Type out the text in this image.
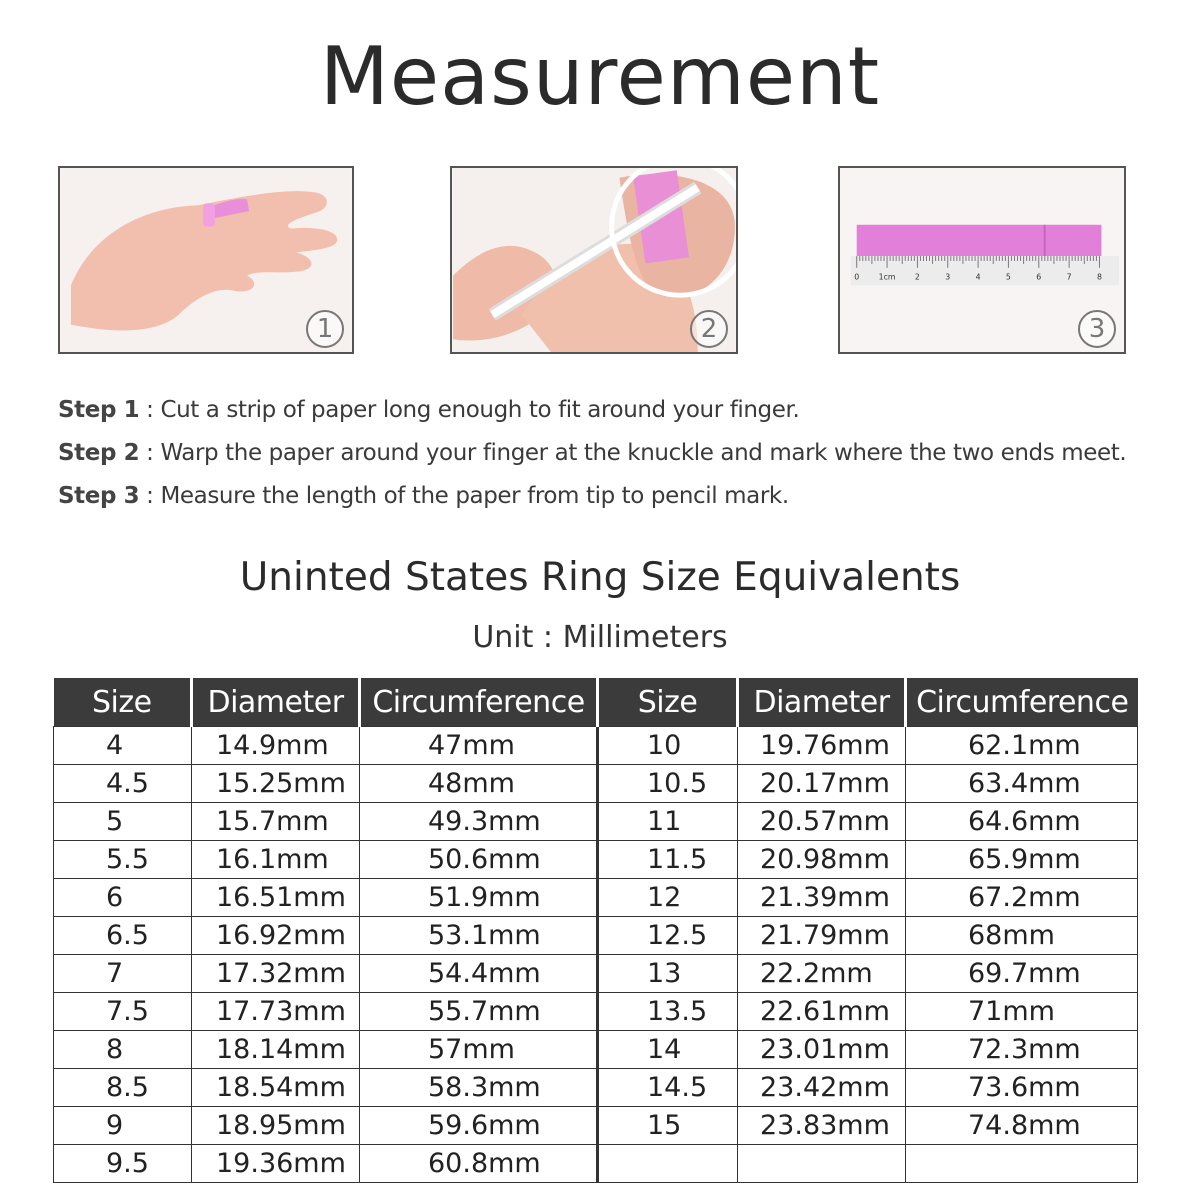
Measurement
1	2
0 1cm 2	3	4	5	6	7	8
3
Step 1 : Cut a strip of paper long enough to fit around your finger.
Step 2 : Warp the paper around your finger at the knuckle and mark where the two ends meet.
Step 3 : Measure the length of the paper from tip to pencil mark.
Uninted States Ring Size Equivalents
Unit : Millimeters
Size	Diameter	Circumference	Size	Diameter	Circumference
4	14.9mm	47mm	10	19.76mm	62.1mm
4.5	15.25mm	48mm	10.5	20.17mm	63.4mm
5	15.7mm	49.3mm	11	20.57mm	64.6mm
5.5	16.1mm	50.6mm	11.5	20.98mm	65.9mm
6	16.51mm	51.9mm	12	21.39mm	67.2mm
6.5	16.92mm	53.1mm	12.5	21.79mm	68mm
7	17.32mm	54.4mm	13	22.2mm	69.7mm
7.5	17.73mm	55.7mm	13.5	22.61mm	71mm
8	18.14mm	57mm	14	23.01mm	72.3mm
8.5	18.54mm	58.3mm	14.5	23.42mm	73.6mm
9	18.95mm	59.6mm	15	23.83mm	74.8mm
9.5	19.36mm	60.8mm			
